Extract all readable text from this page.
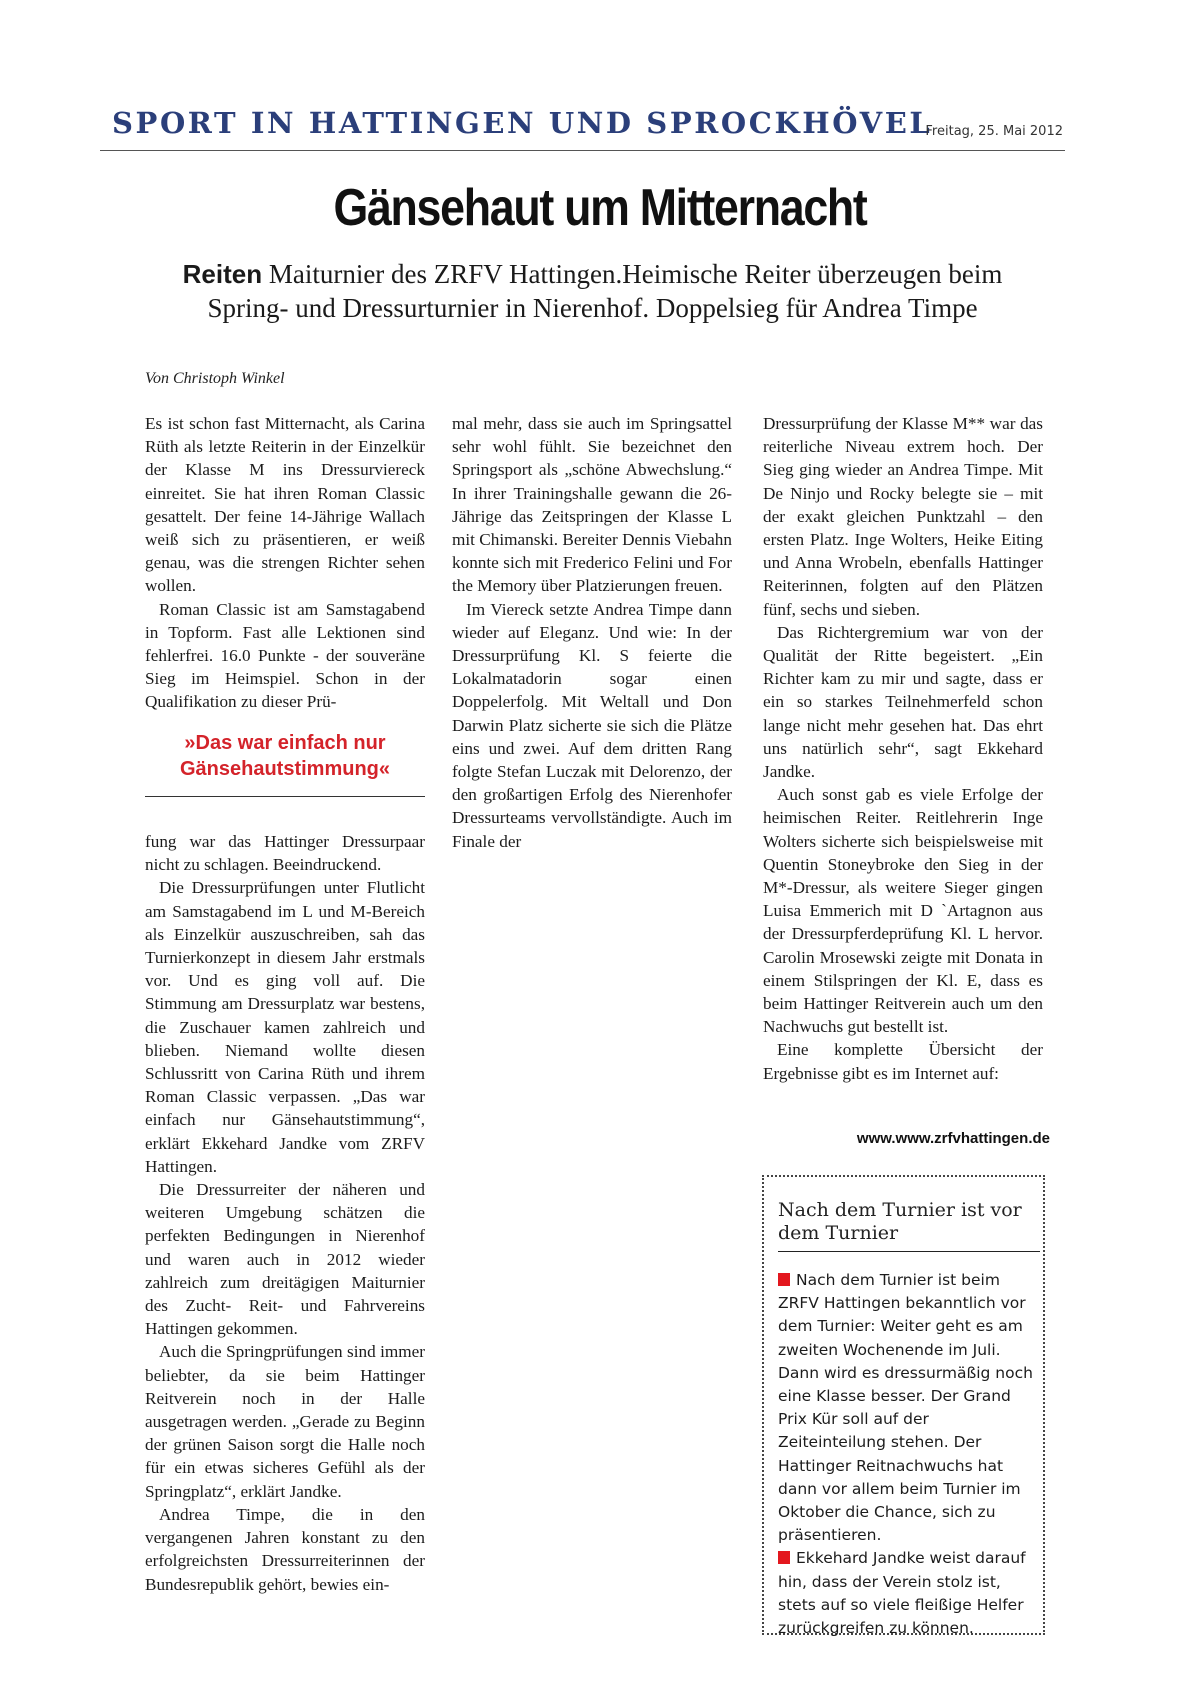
SPORT IN HATTINGEN UND SPROCKHÖVEL
Freitag, 25. Mai 2012
Gänsehaut um Mitternacht
Reiten Maiturnier des ZRFV Hattingen.Heimische Reiter überzeugen beim Spring- und Dressurturnier in Nierenhof. Doppelsieg für Andrea Timpe
Von Christoph Winkel

Es ist schon fast Mitternacht, als Carina Rüth als letzte Reiterin in der Einzelkür der Klasse M ins Dressurviereck einreitet. Sie hat ihren Roman Classic gesattelt. Der feine 14-Jährige Wallach weiß sich zu präsentieren, er weiß genau, was die strengen Richter sehen wollen.

Roman Classic ist am Samstagabend in Topform. Fast alle Lektionen sind fehlerfrei. 16.0 Punkte - der souveräne Sieg im Heimspiel. Schon in der Qualifikation zu dieser Prü-

»Das war einfach nur Gänsehautstimmung«

fung war das Hattinger Dressurpaar nicht zu schlagen. Beeindruckend.

Die Dressurprüfungen unter Flutlicht am Samstagabend im L und M-Bereich als Einzelkür auszuschreiben, sah das Turnierkonzept in diesem Jahr erstmals vor. Und es ging voll auf. Die Stimmung am Dressurplatz war bestens, die Zuschauer kamen zahlreich und blieben. Niemand wollte diesen Schlussritt von Carina Rüth und ihrem Roman Classic verpassen. „Das war einfach nur Gänsehautstimmung“, erklärt Ekkehard Jandke vom ZRFV Hattingen.

Die Dressurreiter der näheren und weiteren Umgebung schätzen die perfekten Bedingungen in Nierenhof und waren auch in 2012 wieder zahlreich zum dreitägigen Maiturnier des Zucht- Reit- und Fahrvereins Hattingen gekommen.

Auch die Springprüfungen sind immer beliebter, da sie beim Hattinger Reitverein noch in der Halle ausgetragen werden. „Gerade zu Beginn der grünen Saison sorgt die Halle noch für ein etwas sicheres Gefühl als der Springplatz“, erklärt Jandke.

Andrea Timpe, die in den vergangenen Jahren konstant zu den erfolgreichsten Dressurreiterinnen der Bundesrepublik gehört, bewies ein-

mal mehr, dass sie auch im Springsattel sehr wohl fühlt. Sie bezeichnet den Springsport als „schöne Abwechslung.“ In ihrer Trainingshalle gewann die 26-Jährige das Zeitspringen der Klasse L mit Chimanski. Bereiter Dennis Viebahn konnte sich mit Frederico Felini und For the Memory über Platzierungen freuen.

Im Viereck setzte Andrea Timpe dann wieder auf Eleganz. Und wie: In der Dressurprüfung Kl. S feierte die Lokalmatadorin sogar einen Doppelerfolg. Mit Weltall und Don Darwin Platz sicherte sie sich die Plätze eins und zwei. Auf dem dritten Rang folgte Stefan Luczak mit Delorenzo, der den großartigen Erfolg des Nierenhofer Dressurteams vervollständigte. Auch im Finale der

Dressurprüfung der Klasse M** war das reiterliche Niveau extrem hoch. Der Sieg ging wieder an Andrea Timpe. Mit De Ninjo und Rocky belegte sie – mit der exakt gleichen Punktzahl – den ersten Platz. Inge Wolters, Heike Eiting und Anna Wrobeln, ebenfalls Hattinger Reiterinnen, folgten auf den Plätzen fünf, sechs und sieben.

Das Richtergremium war von der Qualität der Ritte begeistert. „Ein Richter kam zu mir und sagte, dass er ein so starkes Teilnehmerfeld schon lange nicht mehr gesehen hat. Das ehrt uns natürlich sehr“, sagt Ekkehard Jandke.

Auch sonst gab es viele Erfolge der heimischen Reiter. Reitlehrerin Inge Wolters sicherte sich beispielsweise mit Quentin Stoneybroke den Sieg in der M*-Dressur, als weitere Sieger gingen Luisa Emmerich mit D `Artagnon aus der Dressurpferdeprüfung Kl. L hervor. Carolin Mrosewski zeigte mit Donata in einem Stilspringen der Kl. E, dass es beim Hattinger Reitverein auch um den Nachwuchs gut bestellt ist.

Eine komplette Übersicht der Ergebnisse gibt es im Internet auf:

www.www.zrfvhattingen.de
Nach dem Turnier ist vor dem Turnier

Nach dem Turnier ist beim ZRFV Hattingen bekanntlich vor dem Turnier: Weiter geht es am zweiten Wochenende im Juli. Dann wird es dressurmäßig noch eine Klasse besser. Der Grand Prix Kür soll auf der Zeiteinteilung stehen. Der Hattinger Reitnachwuchs hat dann vor allem beim Turnier im Oktober die Chance, sich zu präsentieren.

Ekkehard Jandke weist darauf hin, dass der Verein stolz ist, stets auf so viele fleißige Helfer zurückgreifen zu können.
